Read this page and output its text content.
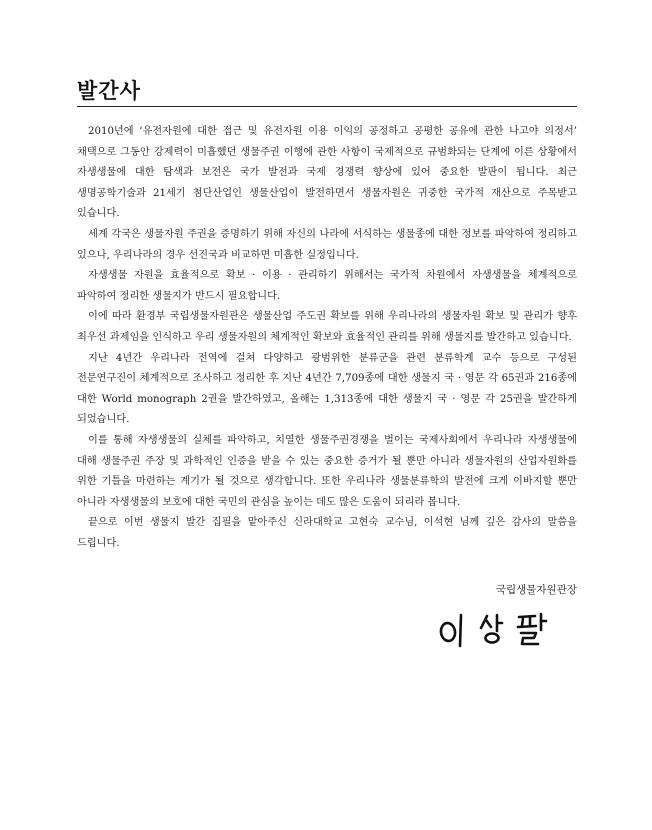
발간사

2010년에 ‘유전자원에 대한 접근 및 유전자원 이용 이익의 공정하고 공평한 공유에 관한 나고야 의정서’ 채택으로 그동안 강제력이 미흡했던 생물주권 이행에 관한 사항이 국제적으로 규범화되는 단계에 이른 상황에서 자생생물에 대한 탐색과 보전은 국가 발전과 국제 경쟁력 향상에 있어 중요한 발판이 됩니다. 최근 생명공학기술과 21세기 첨단산업인 생물산업이 발전하면서 생물자원은 귀중한 국가적 재산으로 주목받고 있습니다.

세계 각국은 생물자원 주권을 증명하기 위해 자신의 나라에 서식하는 생물종에 대한 정보를 파악하여 정리하고 있으나, 우리나라의 경우 선진국과 비교하면 미흡한 실정입니다.

자생생물 자원을 효율적으로 확보 · 이용 · 관리하기 위해서는 국가적 차원에서 자생생물을 체계적으로 파악하여 정리한 생물지가 반드시 필요합니다.

이에 따라 환경부 국립생물자원관은 생물산업 주도권 확보를 위해 우리나라의 생물자원 확보 및 관리가 향후 최우선 과제임을 인식하고 우리 생물자원의 체계적인 확보와 효율적인 관리를 위해 생물지를 발간하고 있습니다.

지난 4년간 우리나라 전역에 걸쳐 다양하고 광범위한 분류군을 관련 분류학계 교수 등으로 구성된 전문연구진이 체계적으로 조사하고 정리한 후 지난 4년간 7,709종에 대한 생물지 국 · 영문 각 65권과 216종에 대한 World monograph 2권을 발간하였고, 올해는 1,313종에 대한 생물지 국 · 영문 각 25권을 발간하게 되었습니다.

이를 통해 자생생물의 실체를 파악하고, 치열한 생물주권경쟁을 벌이는 국제사회에서 우리나라 자생생물에 대해 생물주권 주장 및 과학적인 인증을 받을 수 있는 중요한 증거가 될 뿐만 아니라 생물자원의 산업자원화를 위한 기틀을 마련하는 계기가 될 것으로 생각합니다. 또한 우리나라 생물분류학의 발전에 크게 이바지할 뿐만 아니라 자생생물의 보호에 대한 국민의 관심을 높이는 데도 많은 도움이 되리라 봅니다.

끝으로 이번 생물지 발간 집필을 맡아주신 신라대학교 고현숙 교수님, 이석현 님께 깊은 감사의 말씀을 드립니다.

국립생물자원관장
